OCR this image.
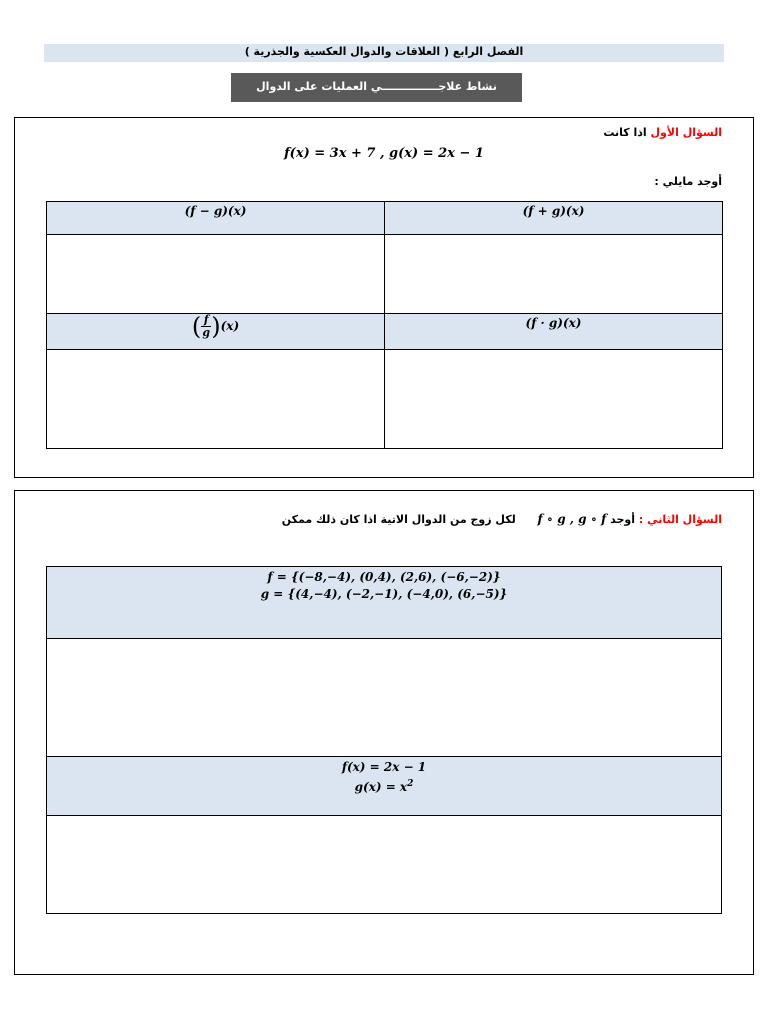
الفصل الرابع ( العلاقات والدوال العكسية والجذرية )
نشاط علاجـــــــــــــــي العمليات على الدوال
السؤال الأول اذا كانت
f(x) = 3x + 7 , g(x) = 2x − 1
أوجد مايلي :
(f − g)(x)	(f + g)(x)

( $\frac{f}{g} )(x)$	(f · g)(x)

السؤال الثاني : أوجد f ∘ g , g ∘ f  لكل زوج من الدوال الاتية اذا كان ذلك ممكن
f = {(−8,−4), (0,4), (2,6), (−6,−2)}
g = {(4,−4), (−2,−1), (−4,0), (6,−5)}

f(x) = 2x − 1
$g(x) = x^2$
